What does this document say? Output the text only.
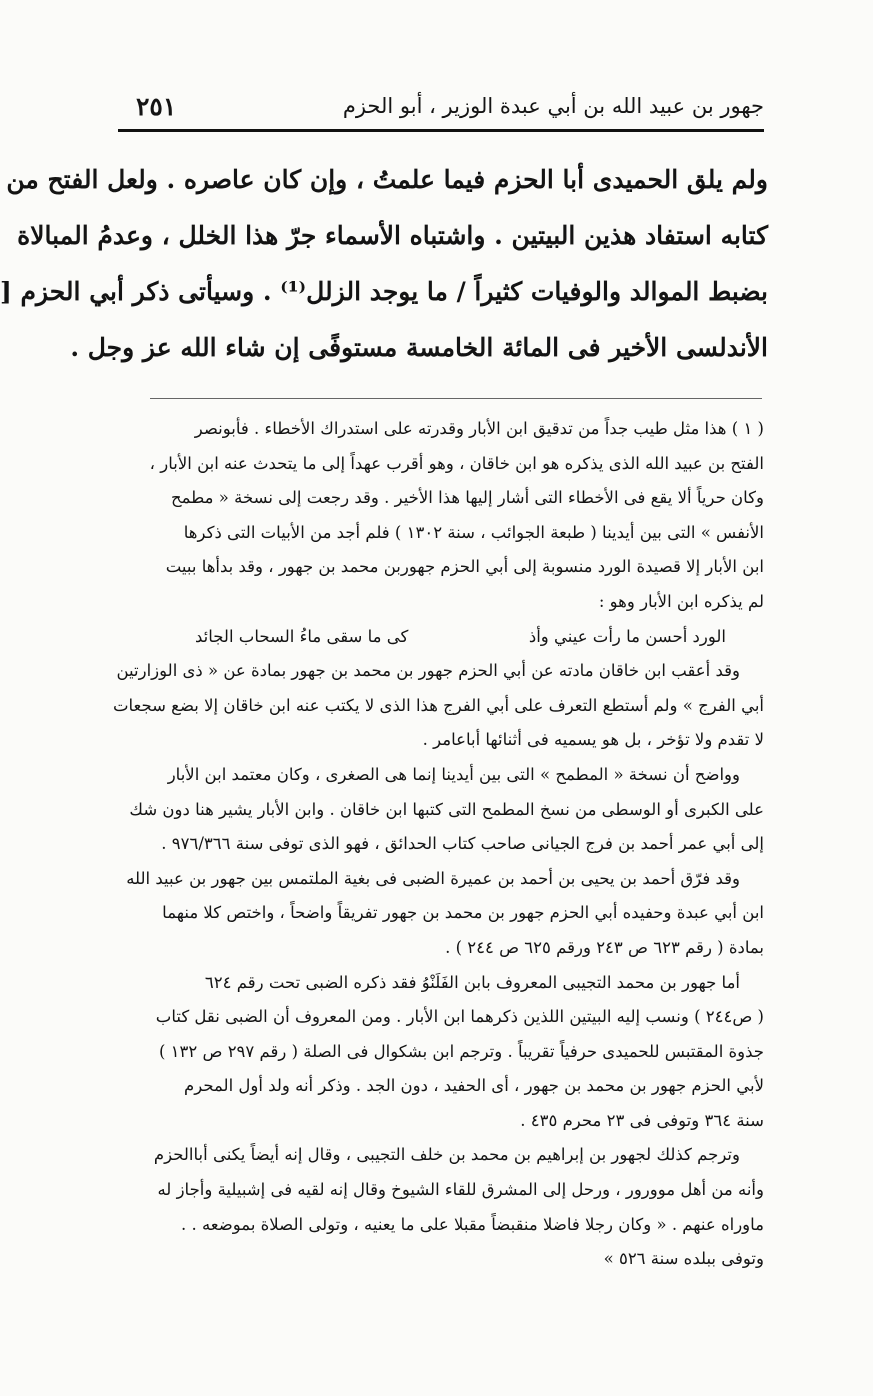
جهور بن عبيد الله بن أبي عبدة الوزير ، أبو الحزم
٢٥١
ولم يلق الحميدى أبا الحزم فيما علمتُ ، وإن كان عاصره . ولعل الفتح من
كتابه استفاد هذين البيتين . واشتباه الأسماء جرّ هذا الخلل ، وعدمُ المبالاة
بضبط الموالد والوفيات كثيراً / ما يوجد الزلل⁽¹⁾ . وسيأتى ذكر أبي الحزم [
الأندلسى الأخير فى المائة الخامسة مستوفًى إن شاء الله عز وجل .
( ١ ) هذا مثل طيب جداً من تدقيق ابن الأبار وقدرته على استدراك الأخطاء . فأبونصر
الفتح بن عبيد الله الذى يذكره هو ابن خاقان ، وهو أقرب عهداً إلى ما يتحدث عنه ابن الأبار ،
وكان حرياً ألا يقع فى الأخطاء التى أشار إليها هذا الأخير . وقد رجعت إلى نسخة « مطمح
الأنفس » التى بين أيدينا ( طبعة الجوائب ، سنة ١٣٠٢ ) فلم أجد من الأبيات التى ذكرها
ابن الأبار إلا قصيدة الورد منسوبة إلى أبي الحزم جهوربن محمد بن جهور ، وقد بدأها ببيت
لم يذكره ابن الأبار وهو :
الورد أحسن ما رأت عيني وأذ
كى ما سقى ماءُ السحاب الجائد
وقد أعقب ابن خاقان مادته عن أبي الحزم جهور بن محمد بن جهور بمادة عن « ذى الوزارتين
أبي الفرج » ولم أستطع التعرف على أبي الفرج هذا الذى لا يكتب عنه ابن خاقان إلا بضع سجعات
لا تقدم ولا تؤخر ، بل هو يسميه فى أثنائها أباعامر .
وواضح أن نسخة « المطمح » التى بين أيدينا إنما هى الصغرى ، وكان معتمد ابن الأبار
على الكبرى أو الوسطى من نسخ المطمح التى كتبها ابن خاقان . وابن الأبار يشير هنا دون شك
إلى أبي عمر أحمد بن فرج الجيانى صاحب كتاب الحدائق ، فهو الذى توفى سنة ٩٧٦/٣٦٦ .
وقد فرّق أحمد بن يحيى بن أحمد بن عميرة الضبى فى بغية الملتمس بين جهور بن عبيد الله
ابن أبي عبدة وحفيده أبي الحزم جهور بن محمد بن جهور تفريقاً واضحاً ، واختص كلا منهما
بمادة ( رقم ٦٢٣ ص ٢٤٣ ورقم ٦٢٥ ص ٢٤٤ ) .
أما جهور بن محمد التجيبى المعروف بابن الفَلَنْوُ فقد ذكره الضبى تحت رقم ٦٢٤
( ص٢٤٤ ) ونسب إليه البيتين اللذين ذكرهما ابن الأبار . ومن المعروف أن الضبى نقل كتاب
جذوة المقتبس للحميدى حرفياً تقريباً . وترجم ابن بشكوال فى الصلة ( رقم ٢٩٧ ص ١٣٢ )
لأبي الحزم جهور بن محمد بن جهور ، أى الحفيد ، دون الجد . وذكر أنه ولد أول المحرم
سنة ٣٦٤ وتوفى فى ٢٣ محرم ٤٣٥ .
وترجم كذلك لجهور بن إبراهيم بن محمد بن خلف التجيبى ، وقال إنه أيضاً يكنى أباالحزم
وأنه من أهل موورور ، ورحل إلى المشرق للقاء الشيوخ وقال إنه لقيه فى إشبيلية وأجاز له
ماوراه عنهم . « وكان رجلا فاضلا منقبضاً مقبلا على ما يعنيه ، وتولى الصلاة بموضعه . .
وتوفى ببلده سنة ٥٢٦ »
